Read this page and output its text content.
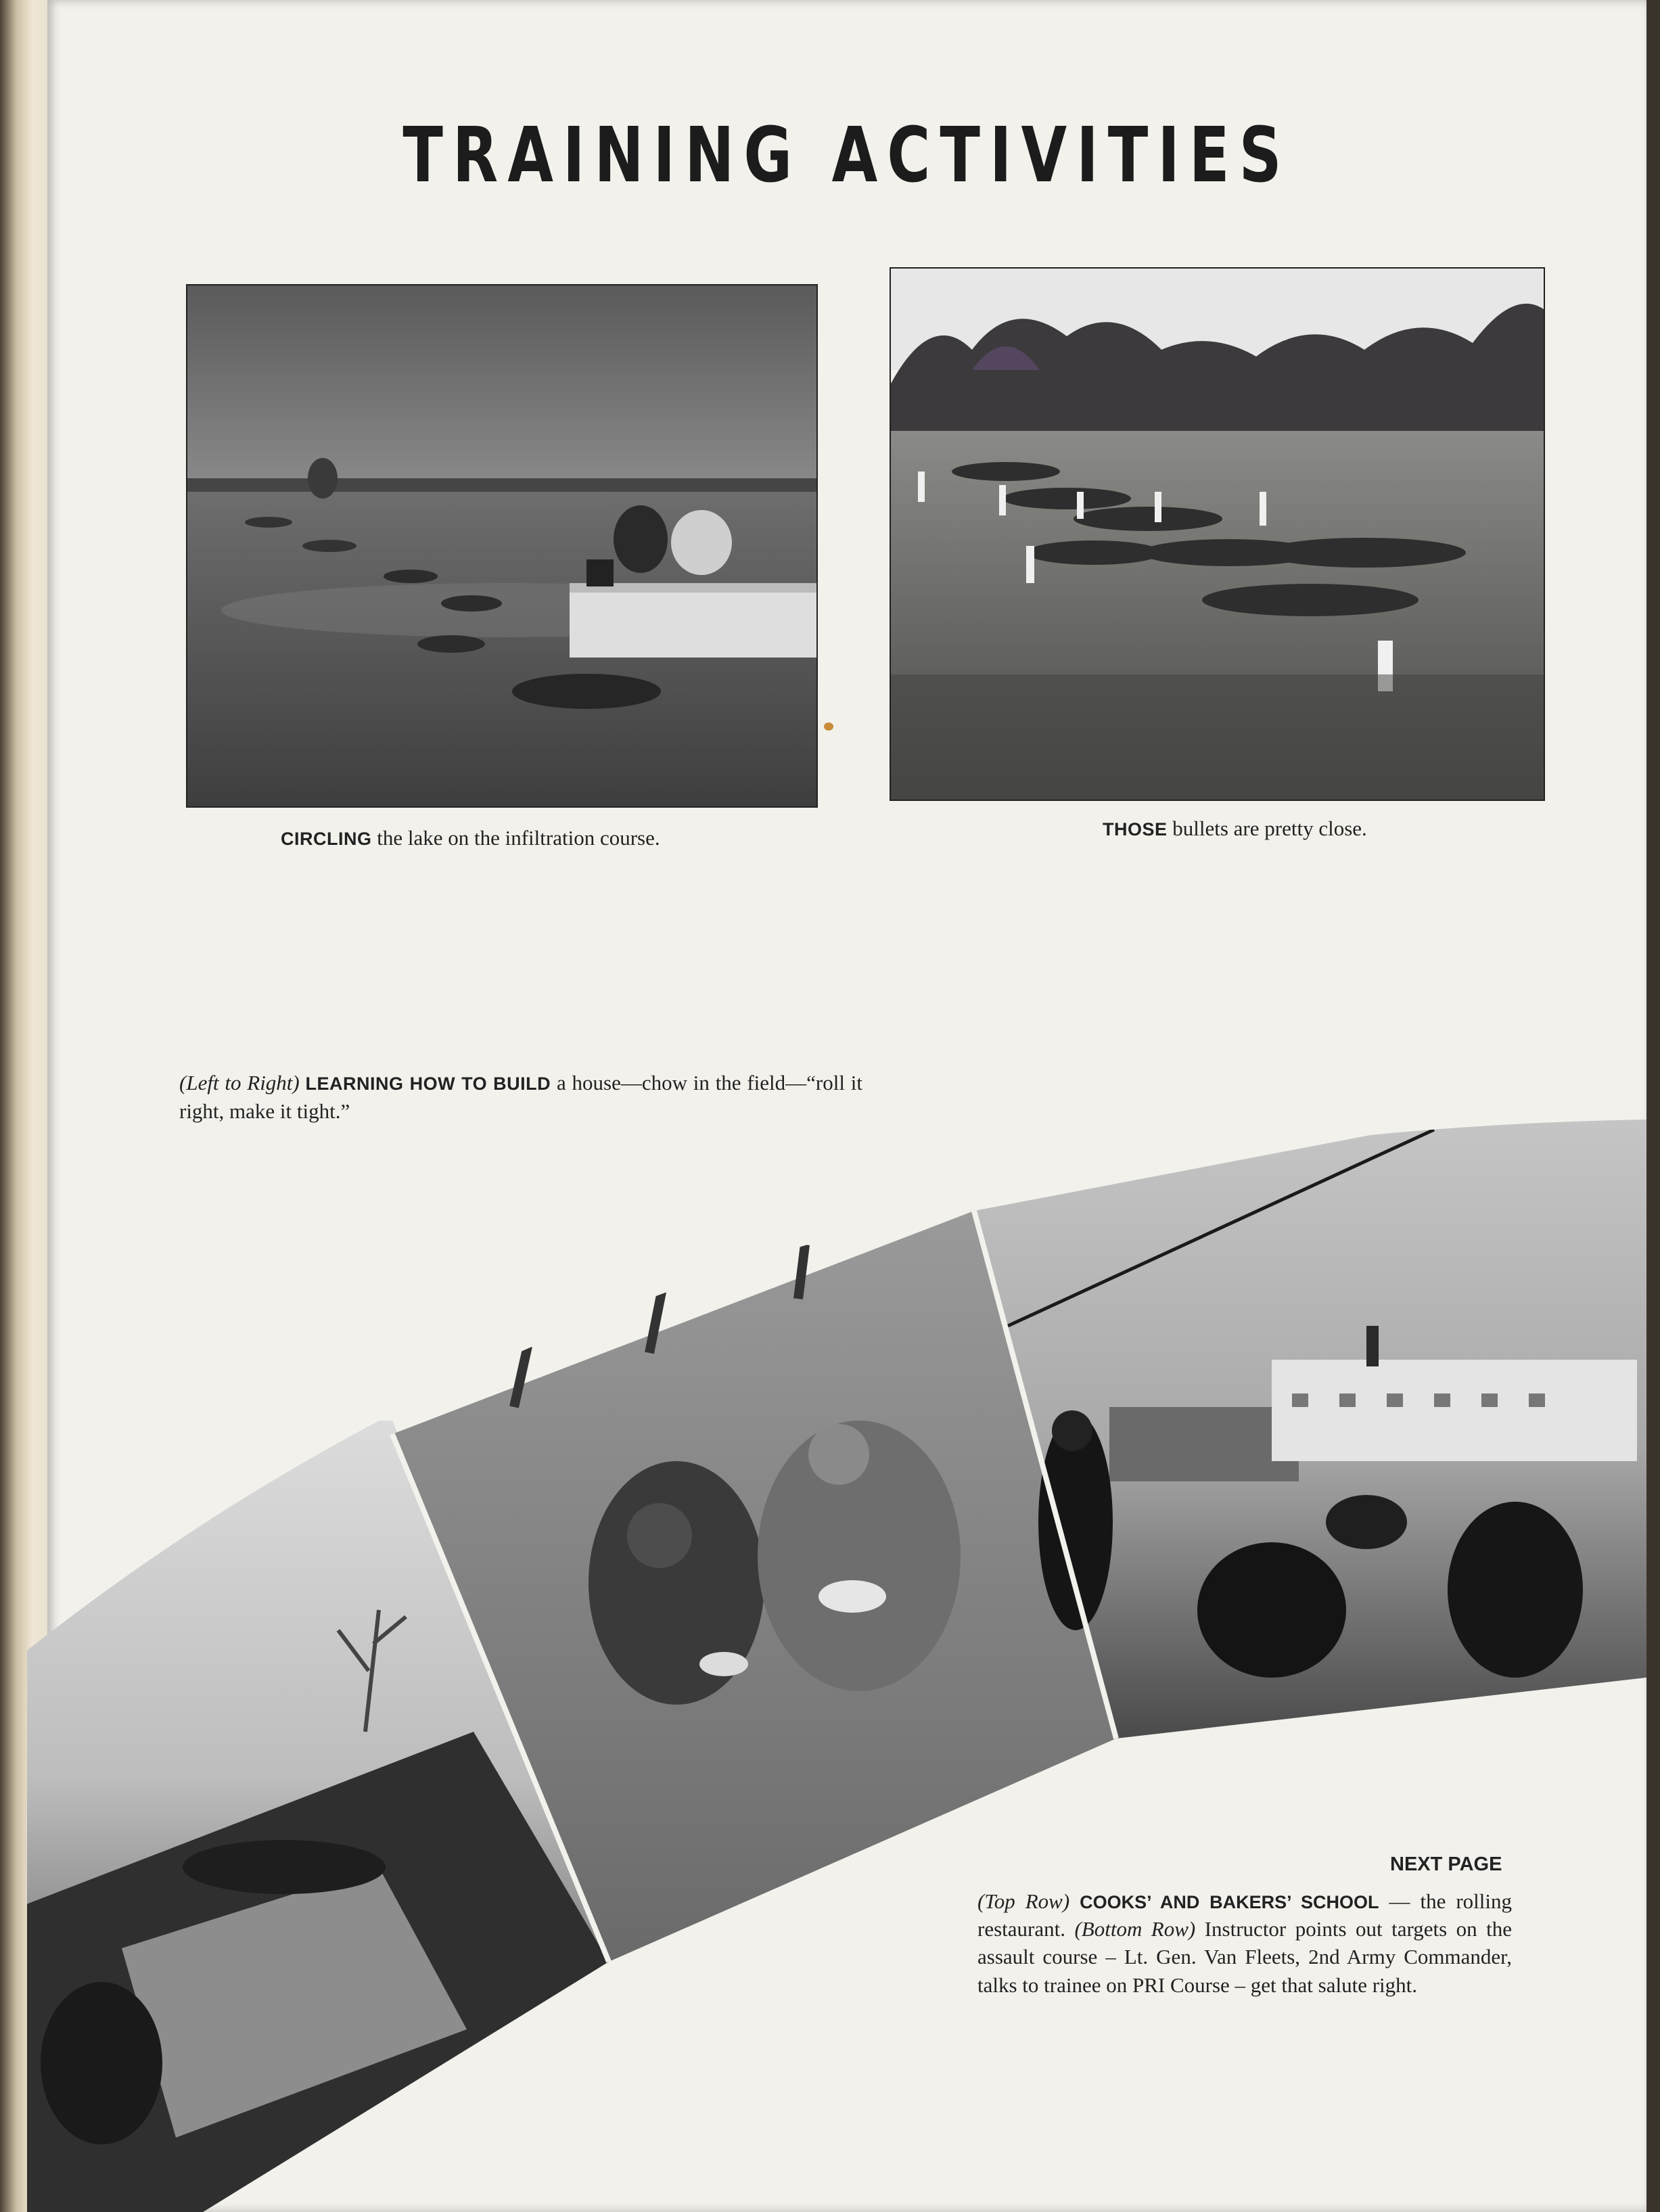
TRAINING ACTIVITIES
CIRCLING the lake on the infiltration course.	THOSE bullets are pretty close.
(Left to Right) LEARNING HOW TO BUILD a house—chow in the field—“roll it right, make it tight.”
NEXT PAGE
(Top Row) COOKS’ AND BAKERS’ SCHOOL — the rolling restaurant. (Bottom Row) Instructor points out targets on the assault course – Lt. Gen. Van Fleets, 2nd Army Commander, talks to trainee on PRI Course – get that salute right.
